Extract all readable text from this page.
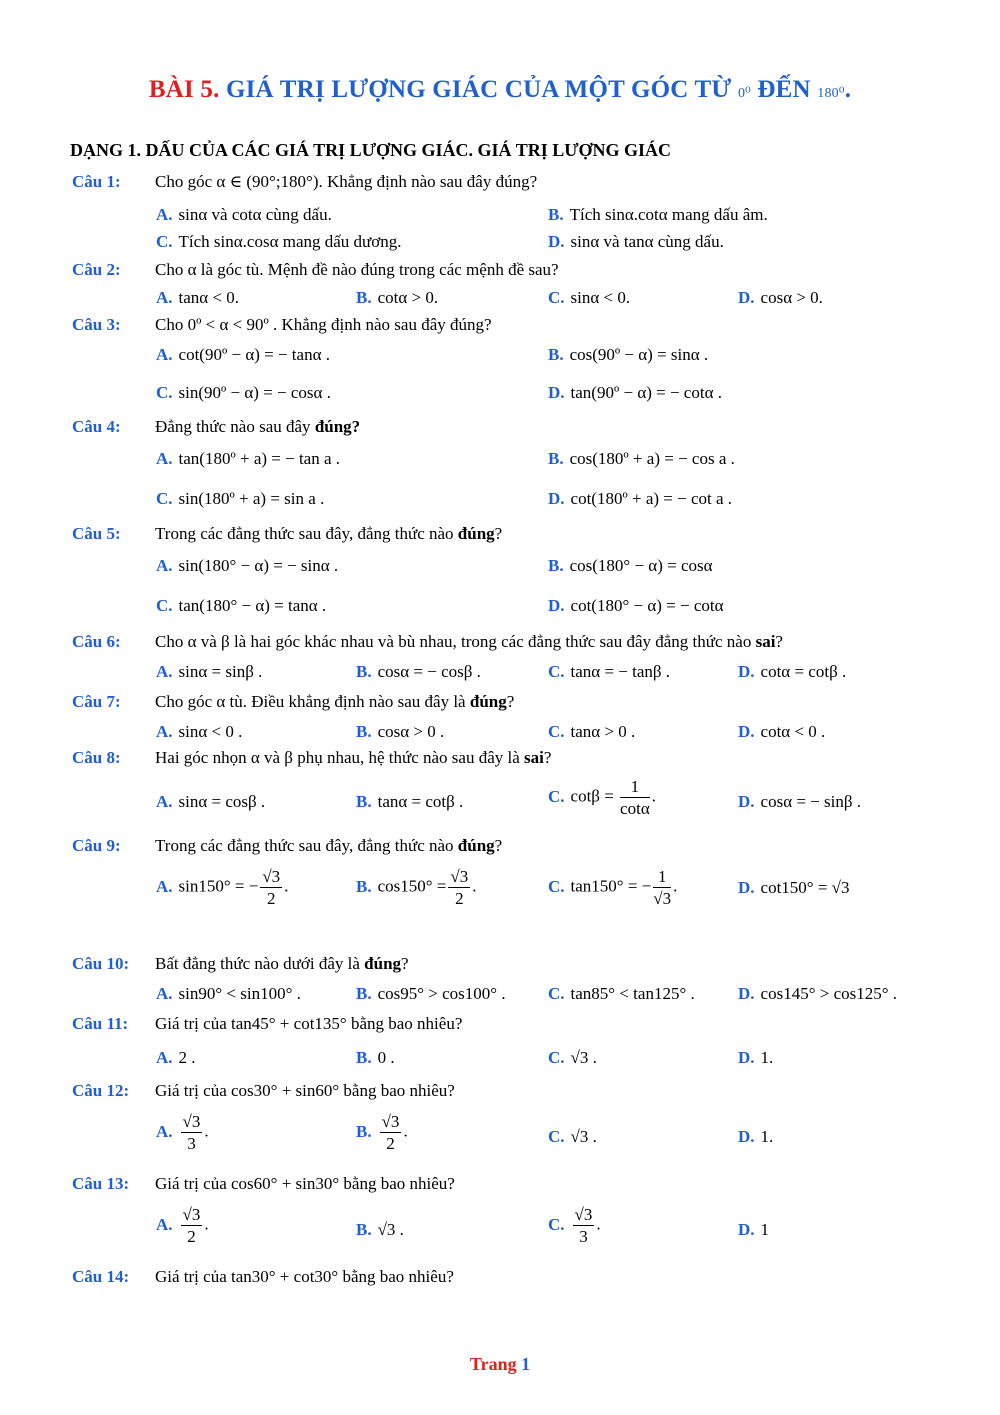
BÀI 5. GIÁ TRỊ LƯỢNG GIÁC CỦA MỘT GÓC TỪ 0⁰ ĐẾN 180⁰.
DẠNG 1. DẤU CỦA CÁC GIÁ TRỊ LƯỢNG GIÁC. GIÁ TRỊ LƯỢNG GIÁC
Câu 1: Cho góc α ∈ (90°;180°). Khẳng định nào sau đây đúng?
A. sinα và cotα cùng dấu.	B. Tích sinα.cotα mang dấu âm.
C. Tích sinα.cosα mang dấu dương.	D. sinα và tanα cùng dấu.
Câu 2: Cho α là góc tù. Mệnh đề nào đúng trong các mệnh đề sau?
A. tanα < 0.	B. cotα > 0.	C. sinα < 0.	D. cosα > 0.
Câu 3: Cho 0º < α < 90º . Khẳng định nào sau đây đúng?
A. cot(90º − α) = − tanα .	B. cos(90º − α) = sinα .
C. sin(90º − α) = − cosα .	D. tan(90º − α) = − cotα .
Câu 4: Đẳng thức nào sau đây đúng?
A. tan(180º + a) = − tan a .	B. cos(180º + a) = − cos a .
C. sin(180º + a) = sin a .	D. cot(180º + a) = − cot a .
Câu 5: Trong các đẳng thức sau đây, đẳng thức nào đúng?
A. sin(180° − α) = − sinα .	B. cos(180° − α) = cosα
C. tan(180° − α) = tanα .	D. cot(180° − α) = − cotα
Câu 6: Cho α và β là hai góc khác nhau và bù nhau, trong các đẳng thức sau đây đẳng thức nào sai?
A. sinα = sinβ .	B. cosα = − cosβ .	C. tanα = − tanβ .	D. cotα = cotβ .
Câu 7: Cho góc α tù. Điều khẳng định nào sau đây là đúng?
A. sinα < 0 .	B. cosα > 0 .	C. tanα > 0 .	D. cotα < 0 .
Câu 8: Hai góc nhọn α và β phụ nhau, hệ thức nào sau đây là sai?
A. sinα = cosβ .	B. tanα = cotβ .	C. $\cot\beta = \frac{1}{\cot\alpha}$ .	D. cosα = − sinβ .
Câu 9: Trong các đẳng thức sau đây, đẳng thức nào đúng?
A. sin150° = − $\frac{√3}{2}$ .	B. $\cos 150^\circ = \frac{√3}{2}$ .	C. tan150° = − $\frac{1}{√3}$ .	D. cot150° = √3
Câu 10: Bất đẳng thức nào dưới đây là đúng?
A. sin90° < sin100° .	B. cos95° > cos100° . C. tan85° < tan125° .	D. cos145° > cos125° .
Câu 11: Giá trị của tan45° + cot135° bằng bao nhiêu?
A. 2 .	B. 0 .	C. √3 .	D. 1.
Câu 12: Giá trị của cos30° + sin60° bằng bao nhiêu?
A. $\frac{√3}{3}$ .	B. $\frac{√3}{2}$ .	C. √3 .	D. 1.
Câu 13: Giá trị của cos60° + sin30° bằng bao nhiêu?
A. $\frac{√3}{2}$ .	B. √3 .	C. $\frac{√3}{3}$ .	D. 1
Câu 14: Giá trị của tan30° + cot30° bằng bao nhiêu?
Trang 1
